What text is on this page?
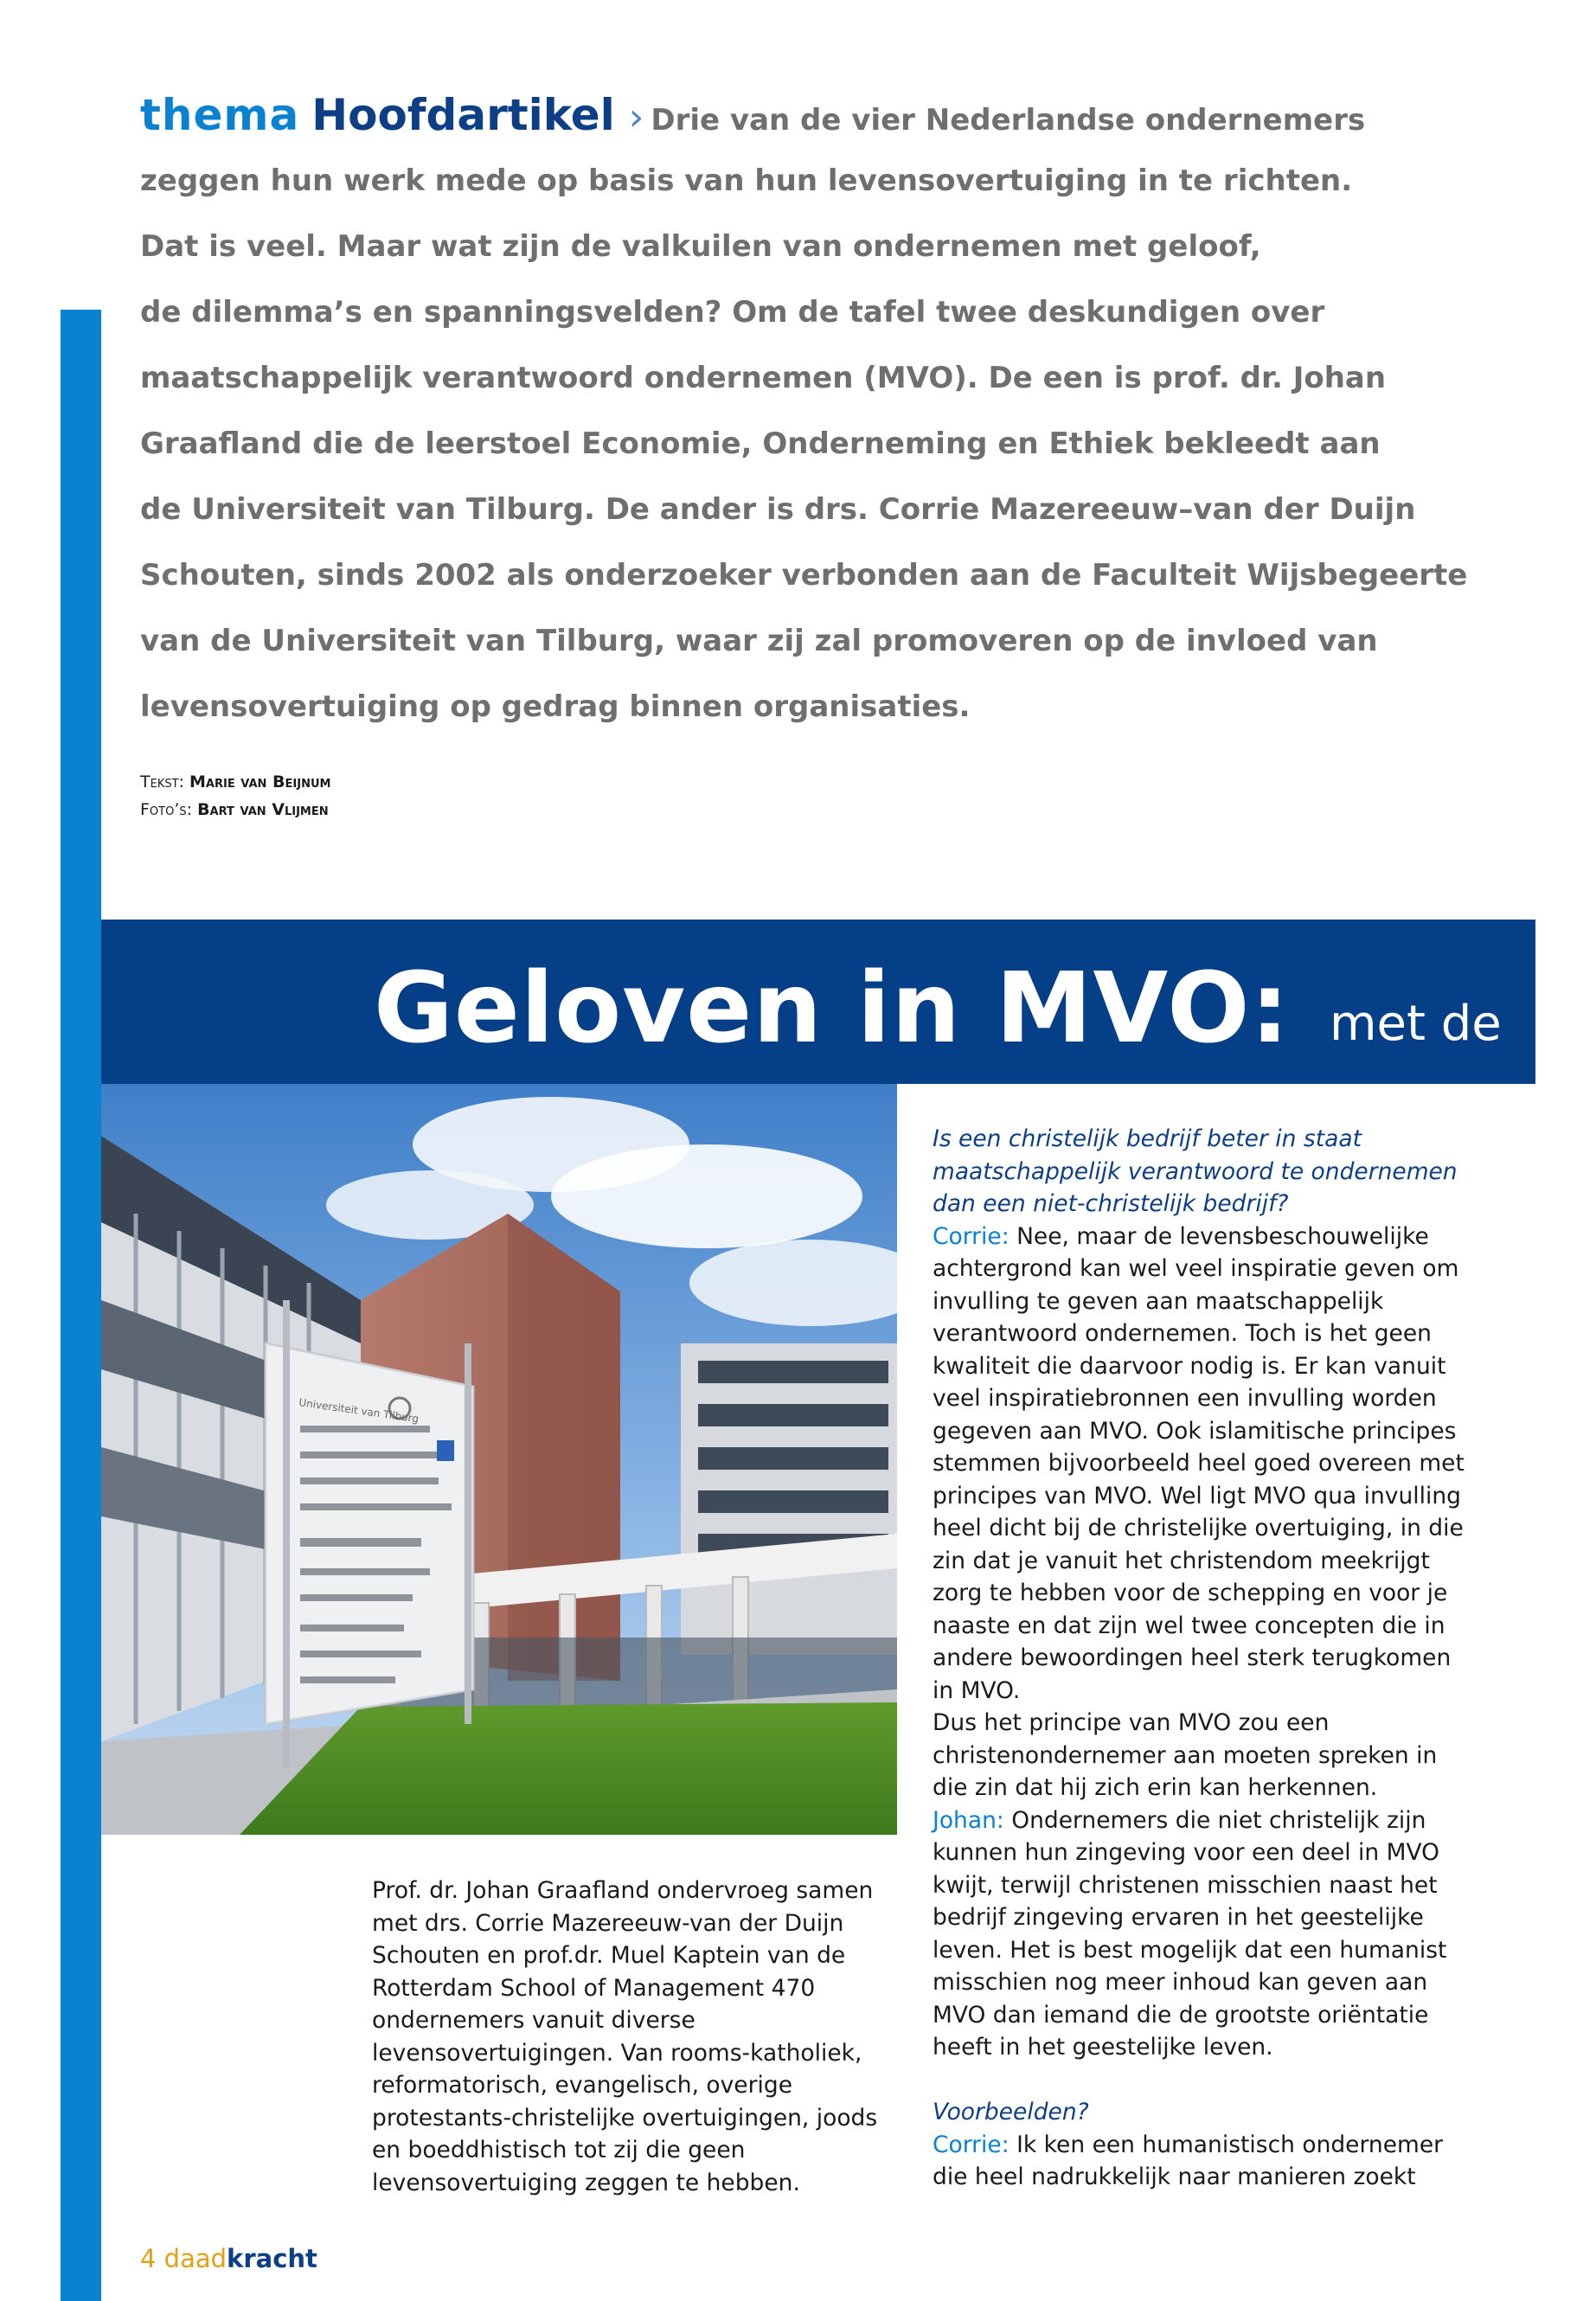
thema Hoofdartikel › Drie van de vier Nederlandse ondernemers
zeggen hun werk mede op basis van hun levensovertuiging in te richten.
Dat is veel. Maar wat zijn de valkuilen van ondernemen met geloof,
de dilemma’s en spanningsvelden? Om de tafel twee deskundigen over
maatschappelijk verantwoord ondernemen (MVO). De een is prof. dr. Johan
Graafland die de leerstoel Economie, Onderneming en Ethiek bekleedt aan
de Universiteit van Tilburg. De ander is drs. Corrie Mazereeuw–van der Duijn
Schouten, sinds 2002 als onderzoeker verbonden aan de Faculteit Wijsbegeerte
van de Universiteit van Tilburg, waar zij zal promoveren op de invloed van
levensovertuiging op gedrag binnen organisaties.
Tekst: Marie van Beijnum
Foto’s: Bart van Vlijmen
Geloven in MVO: met de
Universiteit van Tilburg
Prof. dr. Johan Graafland ondervroeg samen met drs. Corrie Mazereeuw-van der Duijn Schouten en prof.dr. Muel Kaptein van de Rotterdam School of Management 470 ondernemers vanuit diverse levensovertuigingen. Van rooms-katholiek, reformatorisch, evangelisch, overige protestants-christelijke overtuigingen, joods en boeddhistisch tot zij die geen levensovertuiging zeggen te hebben.

Is een christelijk bedrijf beter in staat maatschappelijk verantwoord te ondernemen dan een niet-christelijk bedrijf?

Corrie: Nee, maar de levensbeschouwelijke achtergrond kan wel veel inspiratie geven om invulling te geven aan maatschappelijk verantwoord ondernemen. Toch is het geen kwaliteit die daarvoor nodig is. Er kan vanuit veel inspiratiebronnen een invulling worden gegeven aan MVO. Ook islamitische principes stemmen bijvoorbeeld heel goed overeen met principes van MVO. Wel ligt MVO qua invulling heel dicht bij de christelijke overtuiging, in die zin dat je vanuit het christendom meekrijgt zorg te hebben voor de schepping en voor je naaste en dat zijn wel twee concepten die in andere bewoordingen heel sterk terugkomen in MVO.

Dus het principe van MVO zou een christenondernemer aan moeten spreken in die zin dat hij zich erin kan herkennen.

Johan: Ondernemers die niet christelijk zijn kunnen hun zingeving voor een deel in MVO kwijt, terwijl christenen misschien naast het bedrijf zingeving ervaren in het geestelijke leven. Het is best mogelijk dat een humanist misschien nog meer inhoud kan geven aan MVO dan iemand die de grootste oriëntatie heeft in het geestelijke leven.

Voorbeelden?

Corrie: Ik ken een humanistisch ondernemer die heel nadrukkelijk naar manieren zoekt

4 daadkracht
